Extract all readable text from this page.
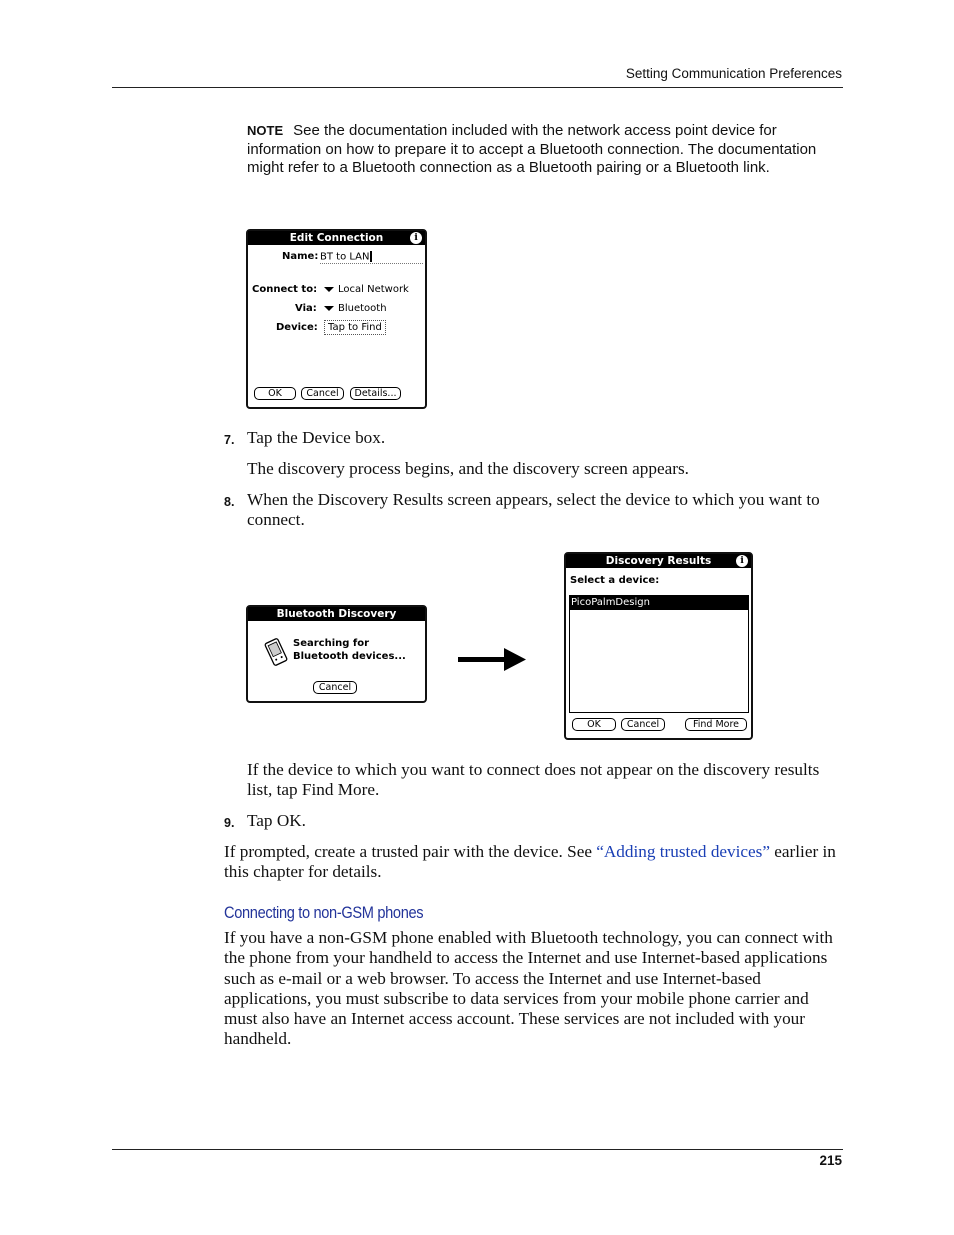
Setting Communication Preferences
NOTE See the documentation included with the network access point device for information on how to prepare it to accept a Bluetooth connection. The documentation might refer to a Bluetooth connection as a Bluetooth pairing or a Bluetooth link.
Edit Connection	i
Name: BT to LAN
Connect to:	Local Network
Via:	Bluetooth
Device:	Tap to Find
OK	Cancel	Details...
7. Tap the Device box.
The discovery process begins, and the discovery screen appears.
8. When the Discovery Results screen appears, select the device to which you want to connect.
Bluetooth Discovery
Searching for
Bluetooth devices...
Cancel
Discovery Results	i
Select a device:
PicoPalmDesign
OK	Cancel	Find More
If the device to which you want to connect does not appear on the discovery results list, tap Find More.
9. Tap OK.
If prompted, create a trusted pair with the device. See “Adding trusted devices” earlier in this chapter for details.
Connecting to non-GSM phones
If you have a non-GSM phone enabled with Bluetooth technology, you can connect with the phone from your handheld to access the Internet and use Internet-based applications such as e-mail or a web browser. To access the Internet and use Internet-based applications, you must subscribe to data services from your mobile phone carrier and must also have an Internet access account. These services are not included with your handheld.
215
